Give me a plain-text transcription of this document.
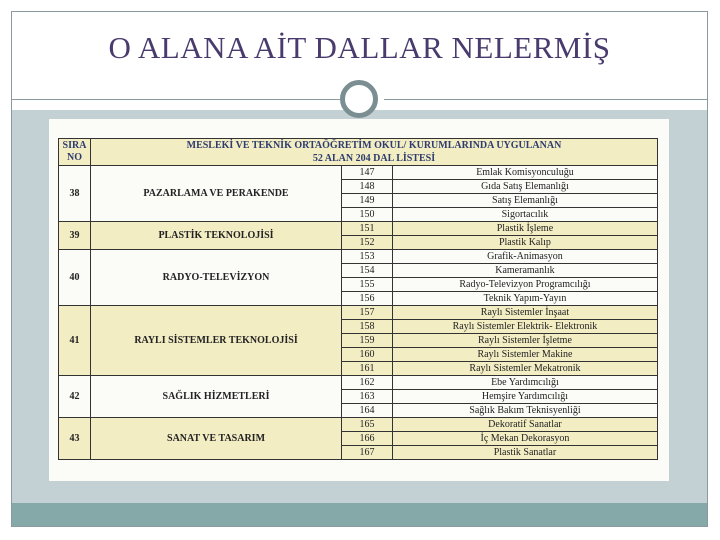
O ALANA AİT DALLAR NELERMİŞ
SIRA NO	MESLEKİ VE TEKNİK ORTAÖĞRETİM OKUL/ KURUMLARINDA UYGULANAN
52 ALAN 204 DAL LİSTESİ		

38	PAZARLAMA VE PERAKENDE	147	Emlak Komisyonculuğu
		148	Gıda Satış Elemanlığı
		149	Satış Elemanlığı
		150	Sigortacılık
39	PLASTİK TEKNOLOJİSİ	151	Plastik İşleme
		152	Plastik Kalıp
40	RADYO-TELEVİZYON	153	Grafik-Animasyon
		154	Kameramanlık
		155	Radyo-Televizyon Programcılığı
		156	Teknik Yapım-Yayın
41	RAYLI SİSTEMLER TEKNOLOJİSİ	157	Raylı Sistemler İnşaat
		158	Raylı Sistemler Elektrik- Elektronik
		159	Raylı Sistemler İşletme
		160	Raylı Sistemler Makine
		161	Raylı Sistemler Mekatronik
42	SAĞLIK HİZMETLERİ	162	Ebe Yardımcılığı
		163	Hemşire Yardımcılığı
		164	Sağlık Bakım Teknisyenliği
43	SANAT VE TASARIM	165	Dekoratif Sanatlar
		166	İç Mekan Dekorasyon
		167	Plastik Sanatlar
